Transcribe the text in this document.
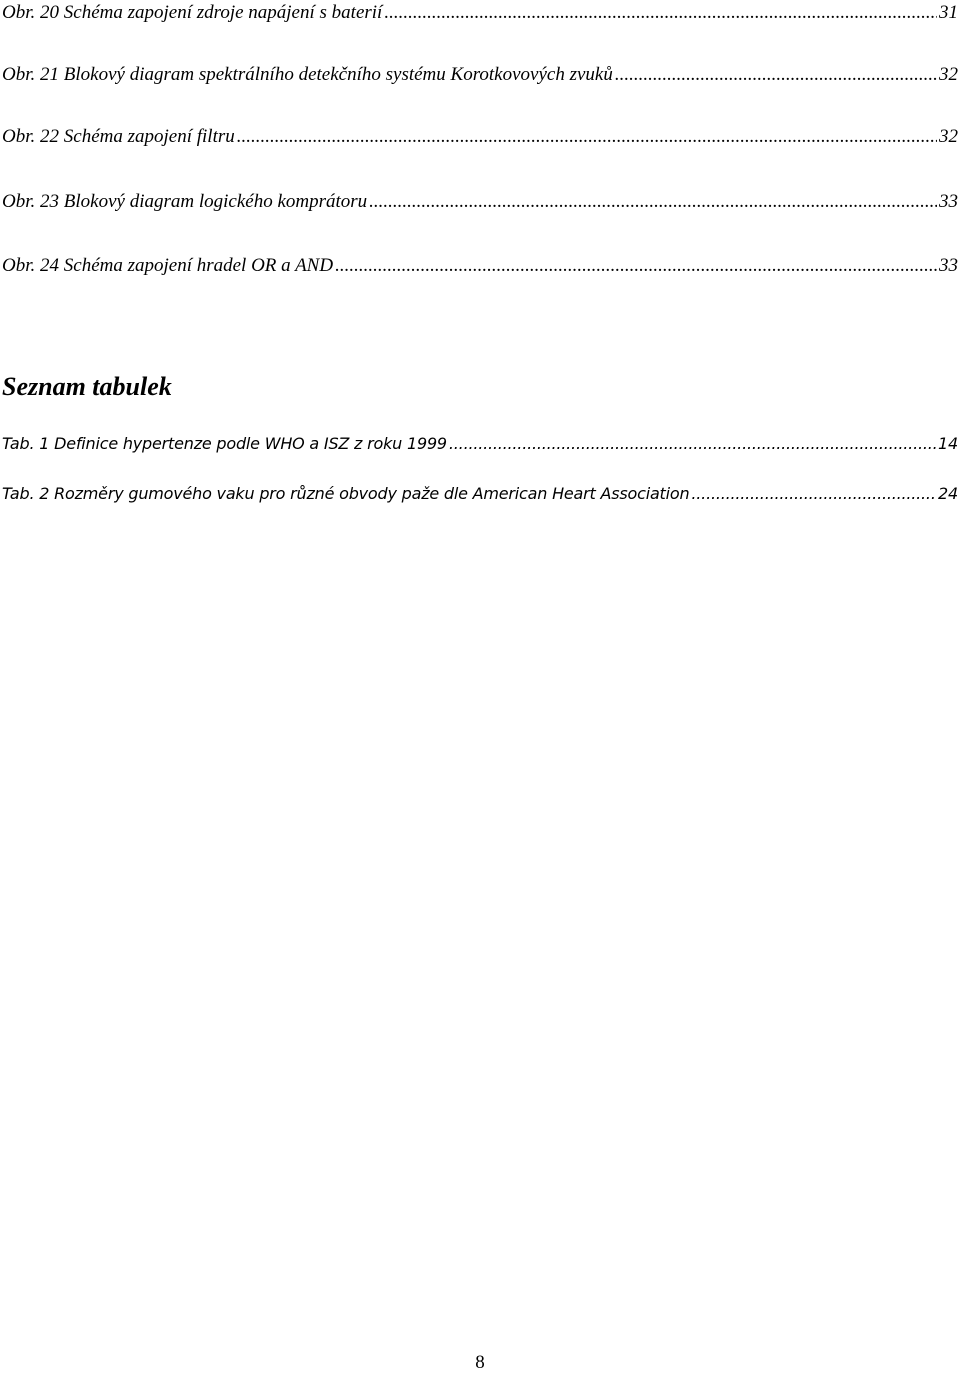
Obr. 20 Schéma zapojení zdroje napájení s baterií .....	31
Obr. 21 Blokový diagram spektrálního detekčního systému Korotkovových zvuků .....	32
Obr. 22 Schéma zapojení filtru .....	32
Obr. 23 Blokový diagram logického komprátoru .....	33
Obr. 24 Schéma zapojení hradel OR a AND .....	33
Seznam tabulek
Tab. 1 Definice hypertenze podle WHO a ISZ z roku 1999 .....	14
Tab. 2 Rozměry gumového vaku pro různé obvody paže dle American Heart Association .....	24
8
